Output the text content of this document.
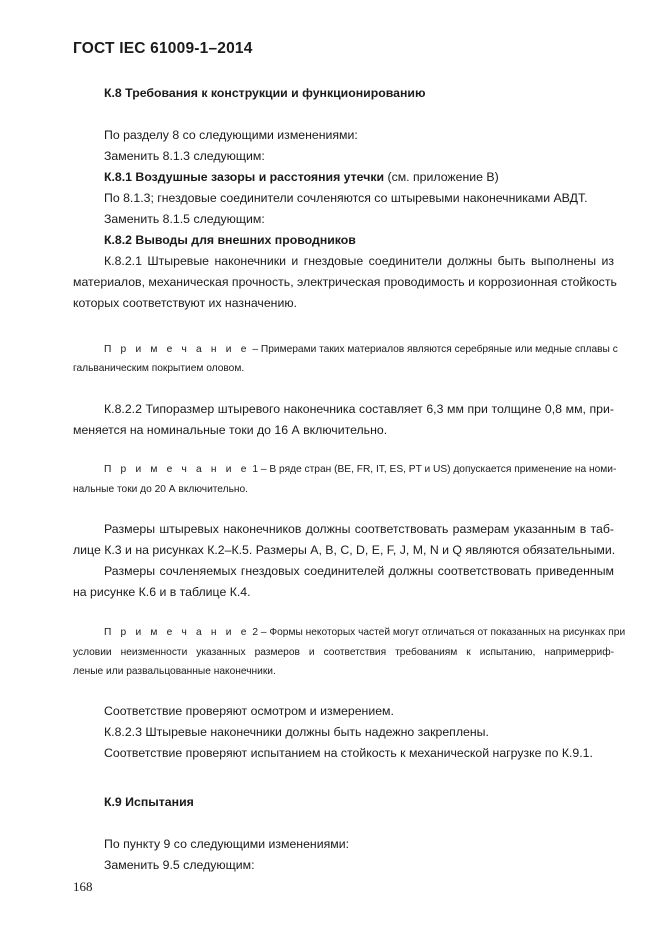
ГОСТ IEC 61009-1–2014
К.8 Требования к конструкции и функционированию
По разделу 8 со следующими изменениями:
Заменить 8.1.3 следующим:
К.8.1 Воздушные зазоры и расстояния утечки (см. приложение В)
По 8.1.3; гнездовые соединители сочленяются со штыревыми наконечниками АВДТ.
Заменить 8.1.5 следующим:
К.8.2 Выводы для внешних проводников
К.8.2.1 Штыревые наконечники и гнездовые соединители должны быть выполнены из
материалов, механическая прочность, электрическая проводимость и коррозионная стойкость
которых соответствуют их назначению.
П р и м е ч а н и е – Примерами таких материалов являются серебряные или медные сплавы с
гальваническим покрытием оловом.
К.8.2.2 Типоразмер штыревого наконечника составляет 6,3 мм при толщине 0,8 мм, при-
меняется на номинальные токи до 16 А включительно.
П р и м е ч а н и е 1 – В ряде стран (BE, FR, IT, ES, PT и US) допускается применение на номи-
нальные токи до 20 А включительно.
Размеры штыревых наконечников должны соответствовать размерам указанным в таб-
лице К.3 и на рисунках К.2–К.5. Размеры А, В, С, D, Е, F, J, M, N и Q являются обязательными.
Размеры сочленяемых гнездовых соединителей должны соответствовать приведенным
на рисунке К.6 и в таблице К.4.
П р и м е ч а н и е 2 – Формы некоторых частей могут отличаться от показанных на рисунках при
условии неизменности указанных размеров и соответствия требованиям к испытанию, напримерриф-
леные или развальцованные наконечники.
Соответствие проверяют осмотром и измерением.
К.8.2.3 Штыревые наконечники должны быть надежно закреплены.
Соответствие проверяют испытанием на стойкость к механической нагрузке по К.9.1.
К.9 Испытания
По пункту 9 со следующими изменениями:
Заменить 9.5 следующим:
168
